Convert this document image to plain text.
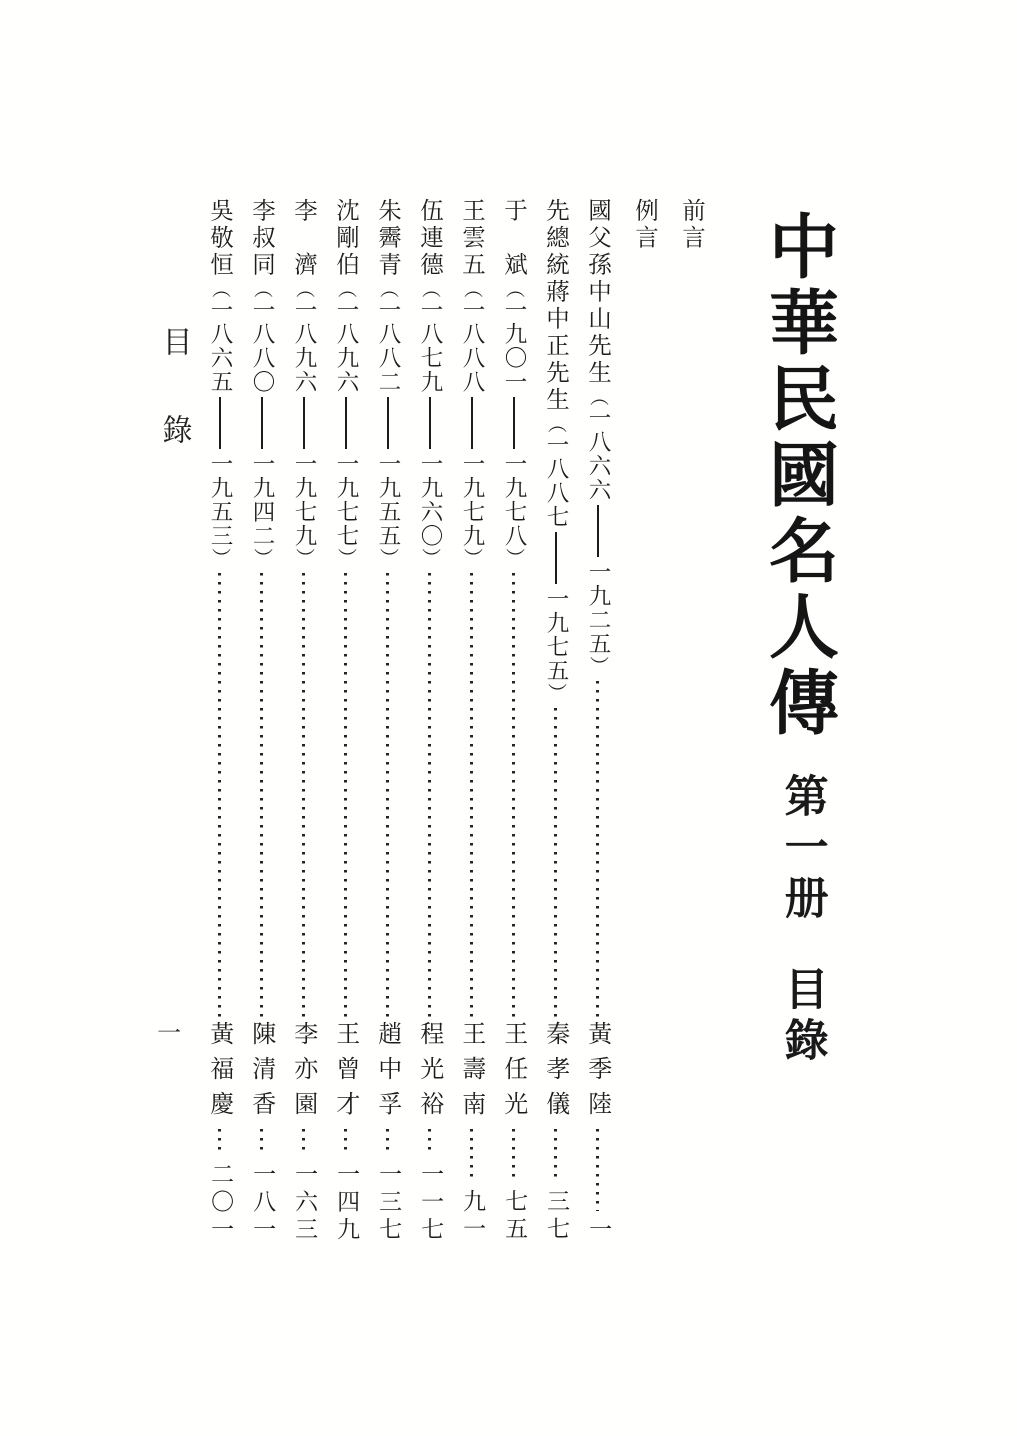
中華民國名人傳
第一册目錄
目錄
一
前言
例言
國父孫中山先生︵一八六六一九二五︶
黃季陸
一
先總統蔣中正先生︵一八八七一九七五︶
秦孝儀
三七
于　斌︵一九〇一一九七八︶
王任光
七五
王雲五︵一八八八一九七九︶
王壽南
九一
伍連德︵一八七九一九六〇︶
程光裕
一一七
朱霽青︵一八八二一九五五︶
趙中孚
一三七
沈剛伯︵一八九六一九七七︶
王曾才
一四九
李　濟︵一八九六一九七九︶
李亦園
一六三
李叔同︵一八八〇一九四二︶
陳清香
一八一
吳敬恒︵一八六五一九五三︶
黃福慶
二〇一
